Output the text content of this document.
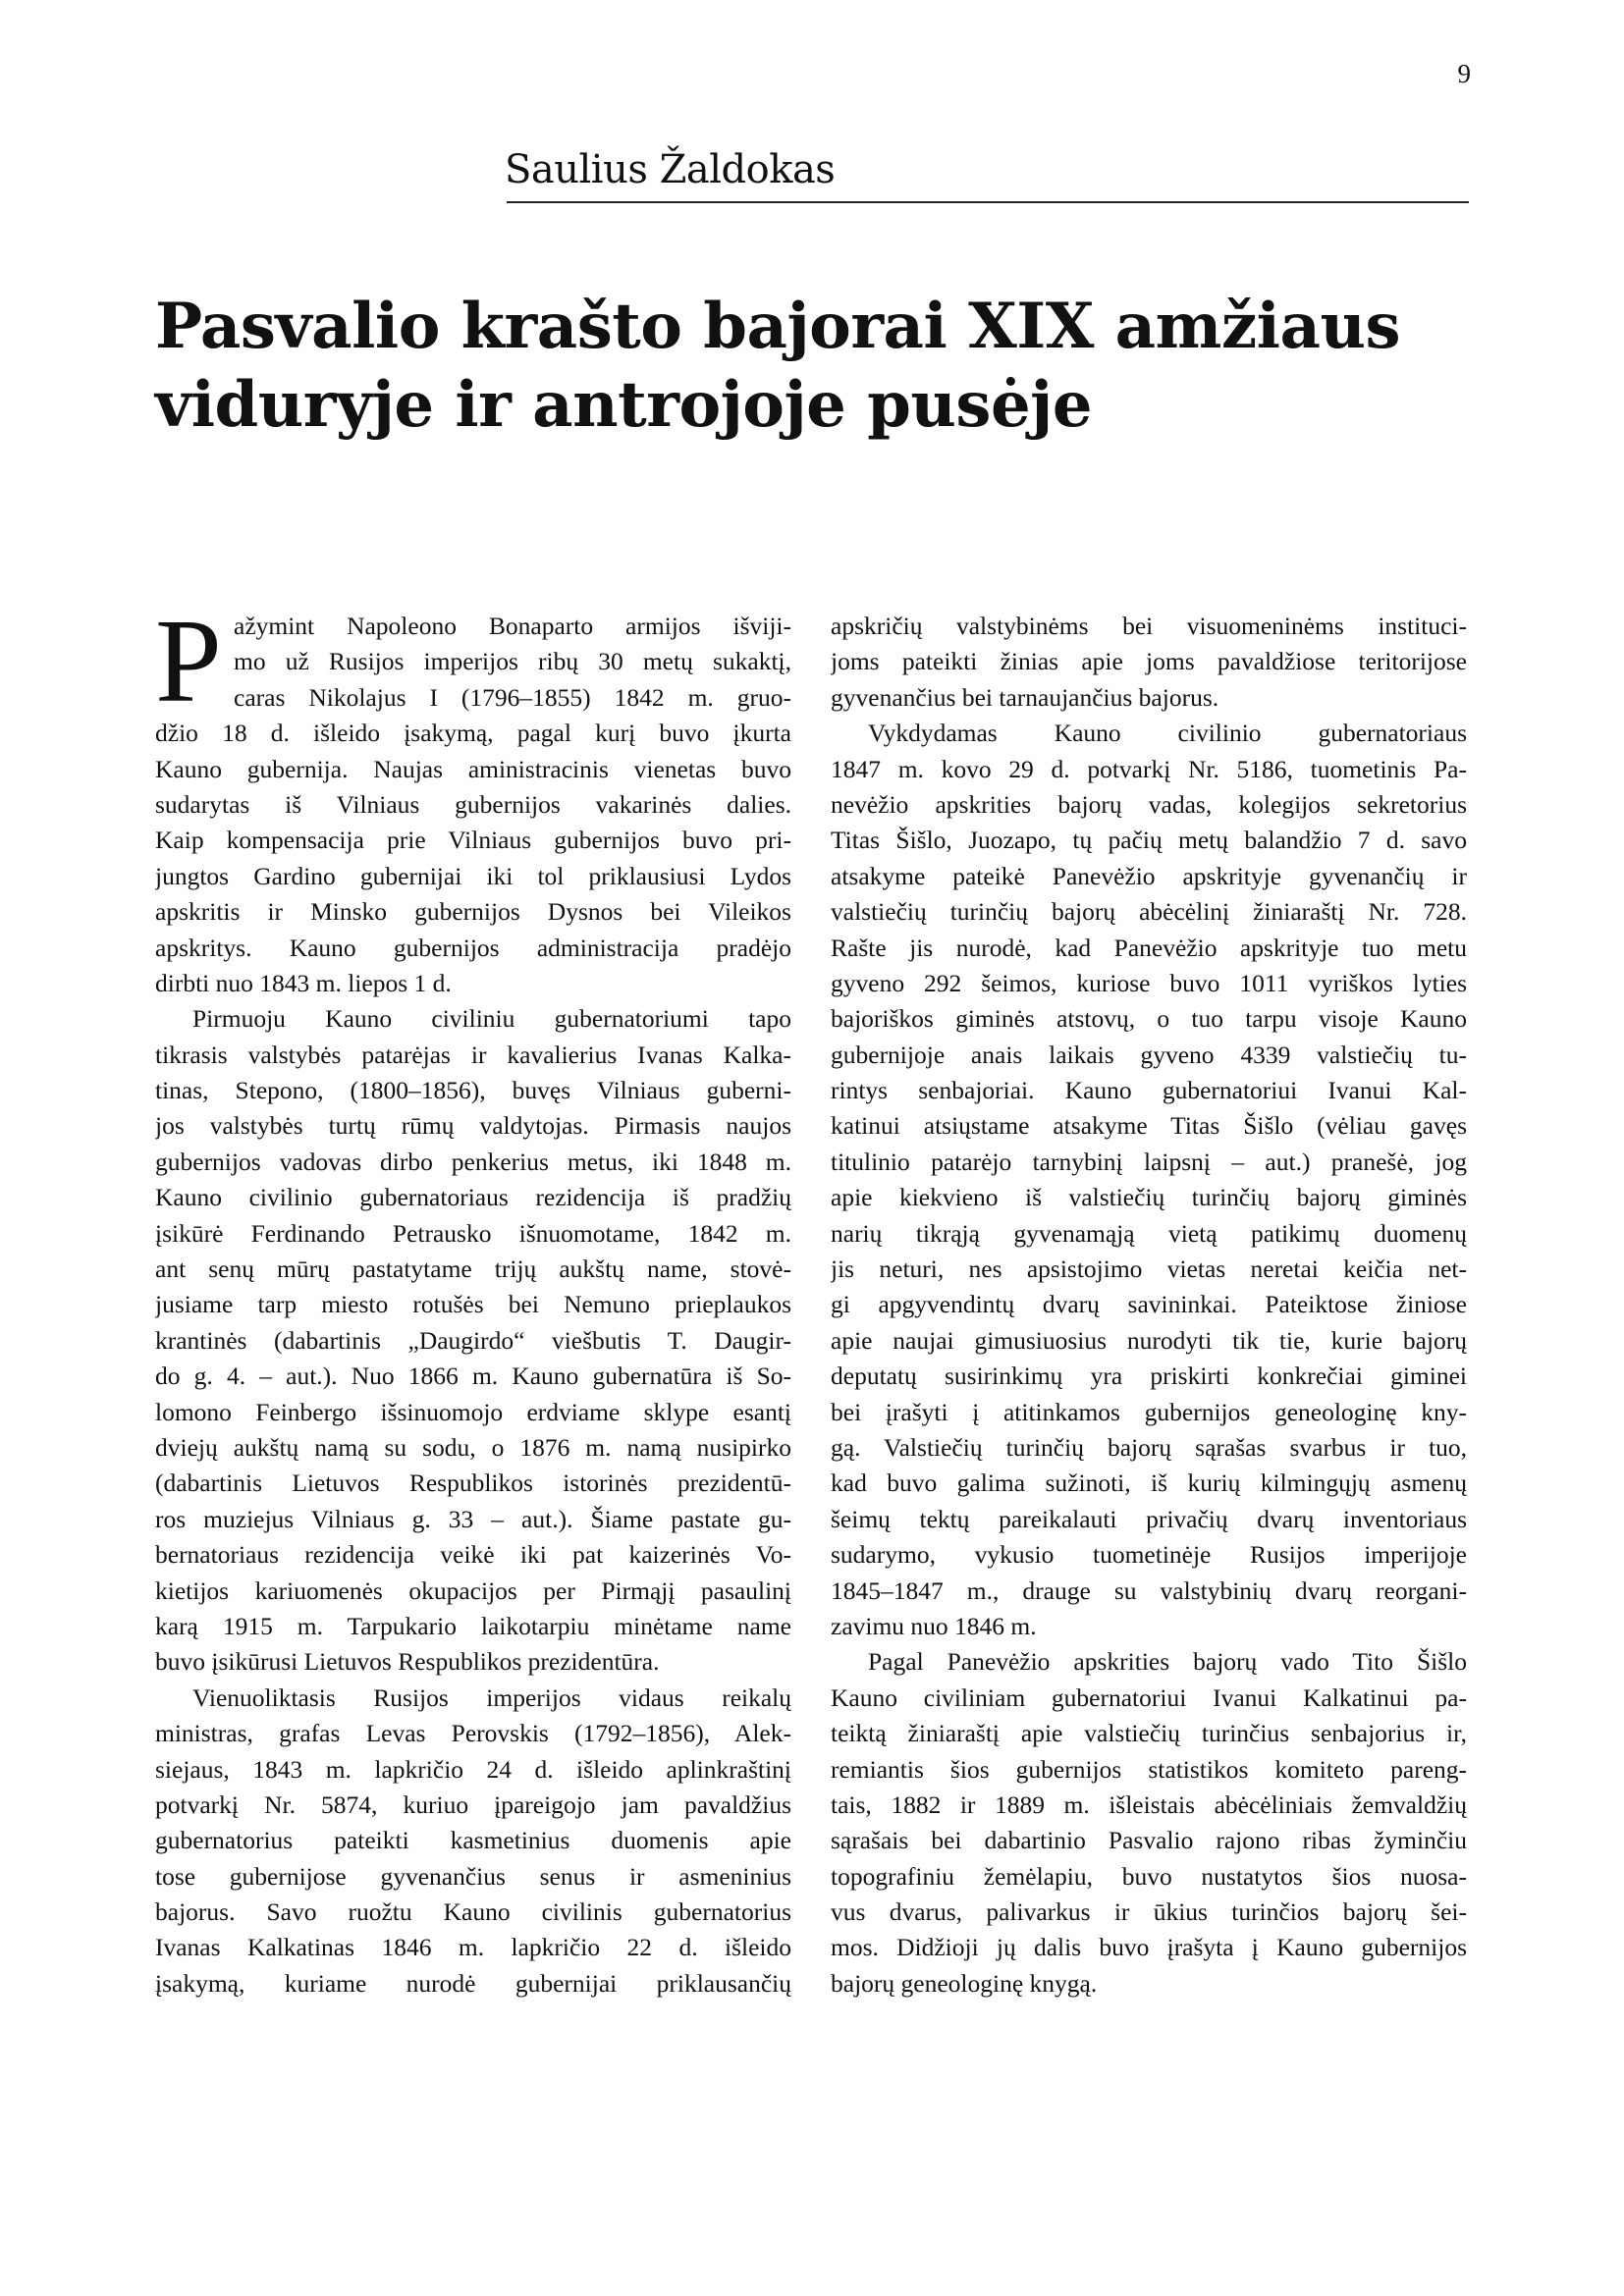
9
Saulius Žaldokas
Pasvalio krašto bajorai XIX amžiaus
viduryje ir antrojoje pusėje
P ažymint Napoleono Bonaparto armijos išviji-
mo už Rusijos imperijos ribų 30 metų sukaktį,
caras Nikolajus I (1796–1855) 1842 m. gruo-
džio 18 d. išleido įsakymą, pagal kurį buvo įkurta
Kauno gubernija. Naujas aministracinis vienetas buvo
sudarytas iš Vilniaus gubernijos vakarinės dalies.
Kaip kompensacija prie Vilniaus gubernijos buvo pri-
jungtos Gardino gubernijai iki tol priklausiusi Lydos
apskritis ir Minsko gubernijos Dysnos bei Vileikos
apskritys. Kauno gubernijos administracija pradėjo
dirbti nuo 1843 m. liepos 1 d.
Pirmuoju Kauno civiliniu gubernatoriumi tapo
tikrasis valstybės patarėjas ir kavalierius Ivanas Kalka-
tinas, Stepono, (1800–1856), buvęs Vilniaus guberni-
jos valstybės turtų rūmų valdytojas. Pirmasis naujos
gubernijos vadovas dirbo penkerius metus, iki 1848 m.
Kauno civilinio gubernatoriaus rezidencija iš pradžių
įsikūrė Ferdinando Petrausko išnuomotame, 1842 m.
ant senų mūrų pastatytame trijų aukštų name, stovė-
jusiame tarp miesto rotušės bei Nemuno prieplaukos
krantinės (dabartinis „Daugirdo“ viešbutis T. Daugir-
do g. 4. – aut.). Nuo 1866 m. Kauno gubernatūra iš So-
lomono Feinbergo išsinuomojo erdviame sklype esantį
dviejų aukštų namą su sodu, o 1876 m. namą nusipirko
(dabartinis Lietuvos Respublikos istorinės prezidentū-
ros muziejus Vilniaus g. 33 – aut.). Šiame pastate gu-
bernatoriaus rezidencija veikė iki pat kaizerinės Vo-
kietijos kariuomenės okupacijos per Pirmąjį pasaulinį
karą 1915 m. Tarpukario laikotarpiu minėtame name
buvo įsikūrusi Lietuvos Respublikos prezidentūra.
Vienuoliktasis Rusijos imperijos vidaus reikalų
ministras, grafas Levas Perovskis (1792–1856), Alek-
siejaus, 1843 m. lapkričio 24 d. išleido aplinkraštinį
potvarkį Nr. 5874, kuriuo įpareigojo jam pavaldžius
gubernatorius pateikti kasmetinius duomenis apie
tose gubernijose gyvenančius senus ir asmeninius
bajorus. Savo ruožtu Kauno civilinis gubernatorius
Ivanas Kalkatinas 1846 m. lapkričio 22 d. išleido
įsakymą, kuriame nurodė gubernijai priklausančių
apskričių valstybinėms bei visuomeninėms instituci-
joms pateikti žinias apie joms pavaldžiose teritorijose
gyvenančius bei tarnaujančius bajorus.
Vykdydamas Kauno civilinio gubernatoriaus
1847 m. kovo 29 d. potvarkį Nr. 5186, tuometinis Pa-
nevėžio apskrities bajorų vadas, kolegijos sekretorius
Titas Šišlo, Juozapo, tų pačių metų balandžio 7 d. savo
atsakyme pateikė Panevėžio apskrityje gyvenančių ir
valstiečių turinčių bajorų abėcėlinį žiniaraštį Nr. 728.
Rašte jis nurodė, kad Panevėžio apskrityje tuo metu
gyveno 292 šeimos, kuriose buvo 1011 vyriškos lyties
bajoriškos giminės atstovų, o tuo tarpu visoje Kauno
gubernijoje anais laikais gyveno 4339 valstiečių tu-
rintys senbajoriai. Kauno gubernatoriui Ivanui Kal-
katinui atsiųstame atsakyme Titas Šišlo (vėliau gavęs
titulinio patarėjo tarnybinį laipsnį – aut.) pranešė, jog
apie kiekvieno iš valstiečių turinčių bajorų giminės
narių tikrąją gyvenamąją vietą patikimų duomenų
jis neturi, nes apsistojimo vietas neretai keičia net-
gi apgyvendintų dvarų savininkai. Pateiktose žiniose
apie naujai gimusiuosius nurodyti tik tie, kurie bajorų
deputatų susirinkimų yra priskirti konkrečiai giminei
bei įrašyti į atitinkamos gubernijos geneologinę kny-
gą. Valstiečių turinčių bajorų sąrašas svarbus ir tuo,
kad buvo galima sužinoti, iš kurių kilmingųjų asmenų
šeimų tektų pareikalauti privačių dvarų inventoriaus
sudarymo, vykusio tuometinėje Rusijos imperijoje
1845–1847 m., drauge su valstybinių dvarų reorgani-
zavimu nuo 1846 m.
Pagal Panevėžio apskrities bajorų vado Tito Šišlo
Kauno civiliniam gubernatoriui Ivanui Kalkatinui pa-
teiktą žiniaraštį apie valstiečių turinčius senbajorius ir,
remiantis šios gubernijos statistikos komiteto pareng-
tais, 1882 ir 1889 m. išleistais abėcėliniais žemvaldžių
sąrašais bei dabartinio Pasvalio rajono ribas žyminčiu
topografiniu žemėlapiu, buvo nustatytos šios nuosa-
vus dvarus, palivarkus ir ūkius turinčios bajorų šei-
mos. Didžioji jų dalis buvo įrašyta į Kauno gubernijos
bajorų geneologinę knygą.
